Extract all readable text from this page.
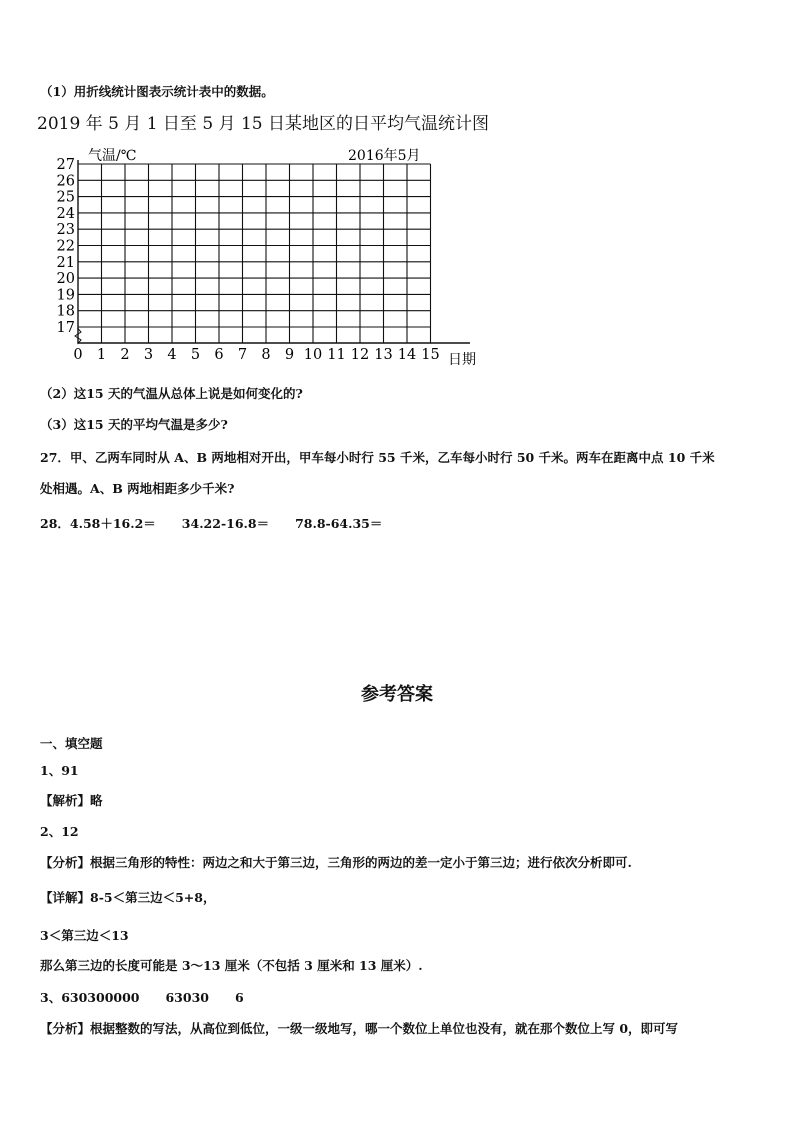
（1）用折线统计图表示统计表中的数据。
2019 年 5 月 1 日至 5 月 15 日某地区的日平均气温统计图
17
18
19
20
21
22
23
24
25
26
27
0 1 2 3 4 5 6 7 8 9 10 11 12 13 14 15
气温/℃	2016年5月
日期
（2）这15 天的气温从总体上说是如何变化的?
（3）这15 天的平均气温是多少?
27．甲、乙两车同时从 A、B 两地相对开出，甲车每小时行 55 千米，乙车每小时行 50 千米。两车在距离中点 10 千米
处相遇。A、B 两地相距多少千米?
28．4.58＋16.2＝ 34.22-16.8＝ 78.8-64.35＝
参考答案
一、填空题
1、91
【解析】略
2、12
【分析】根据三角形的特性：两边之和大于第三边，三角形的两边的差一定小于第三边；进行依次分析即可.
【详解】8-5＜第三边＜5+8，
3＜第三边＜13
那么第三边的长度可能是 3～13 厘米（不包括 3 厘米和 13 厘米）.
3、630300000 63030 6
【分析】根据整数的写法，从高位到低位，一级一级地写，哪一个数位上单位也没有，就在那个数位上写 0，即可写
